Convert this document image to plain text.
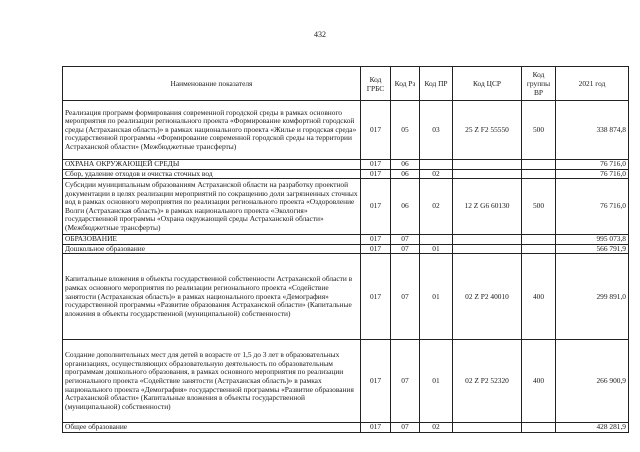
432
Наименование показателя	Код ГРБС	Код Рз	Код ПР	Код ЦСР	Код группы ВР	2021 год
Реализация программ формирования современной городской среды в рамках основного мероприятия по реализации регионального проекта «Формирование комфортной городской среды (Астраханская область)» в рамках национального проекта «Жилье и городская среда» государственной программы «Формирование современной городской среды на территории Астраханской области» (Межбюджетные трансферты)	017	05	03	25 Z F2 55550	500	338 874,8
ОХРАНА ОКРУЖАЮЩЕЙ СРЕДЫ	017	06				76 716,0
Сбор, удаление отходов и очистка сточных вод	017	06	02			76 716,0
Субсидии муниципальным образованиям Астраханской области на разработку проектной документации в целях реализации мероприятий по сокращению доли загрязненных сточных вод в рамках основного мероприятия по реализации регионального проекта «Оздоровление Волги (Астраханская область)» в рамках национального проекта «Экология» государственной программы «Охрана окружающей среды Астраханской области» (Межбюджетные трансферты)	017	06	02	12 Z G6 60130	500	76 716,0
ОБРАЗОВАНИЕ	017	07				995 073,8
Дошкольное образование	017	07	01			566 791,9
Капитальные вложения в объекты государственной собственности Астраханской области в рамках основного мероприятия по реализации регионального проекта «Содействие занятости (Астраханская область)» в рамках национального проекта «Демография» государственной программы «Развитие образования Астраханской области» (Капитальные вложения в объекты государственной (муниципальной) собственности)	017	07	01	02 Z P2 40010	400	299 891,0
Создание дополнительных мест для детей в возрасте от 1,5 до 3 лет в образовательных организациях, осуществляющих образовательную деятельность по образовательным программам дошкольного образования, в рамках основного мероприятия по реализации регионального проекта «Содействие занятости (Астраханская область)» в рамках национального проекта «Демография» государственной программы «Развитие образования Астраханской области» (Капитальные вложения в объекты государственной (муниципальной) собственности)	017	07	01	02 Z P2 52320	400	266 900,9
Общее образование	017	07	02			428 281,9
